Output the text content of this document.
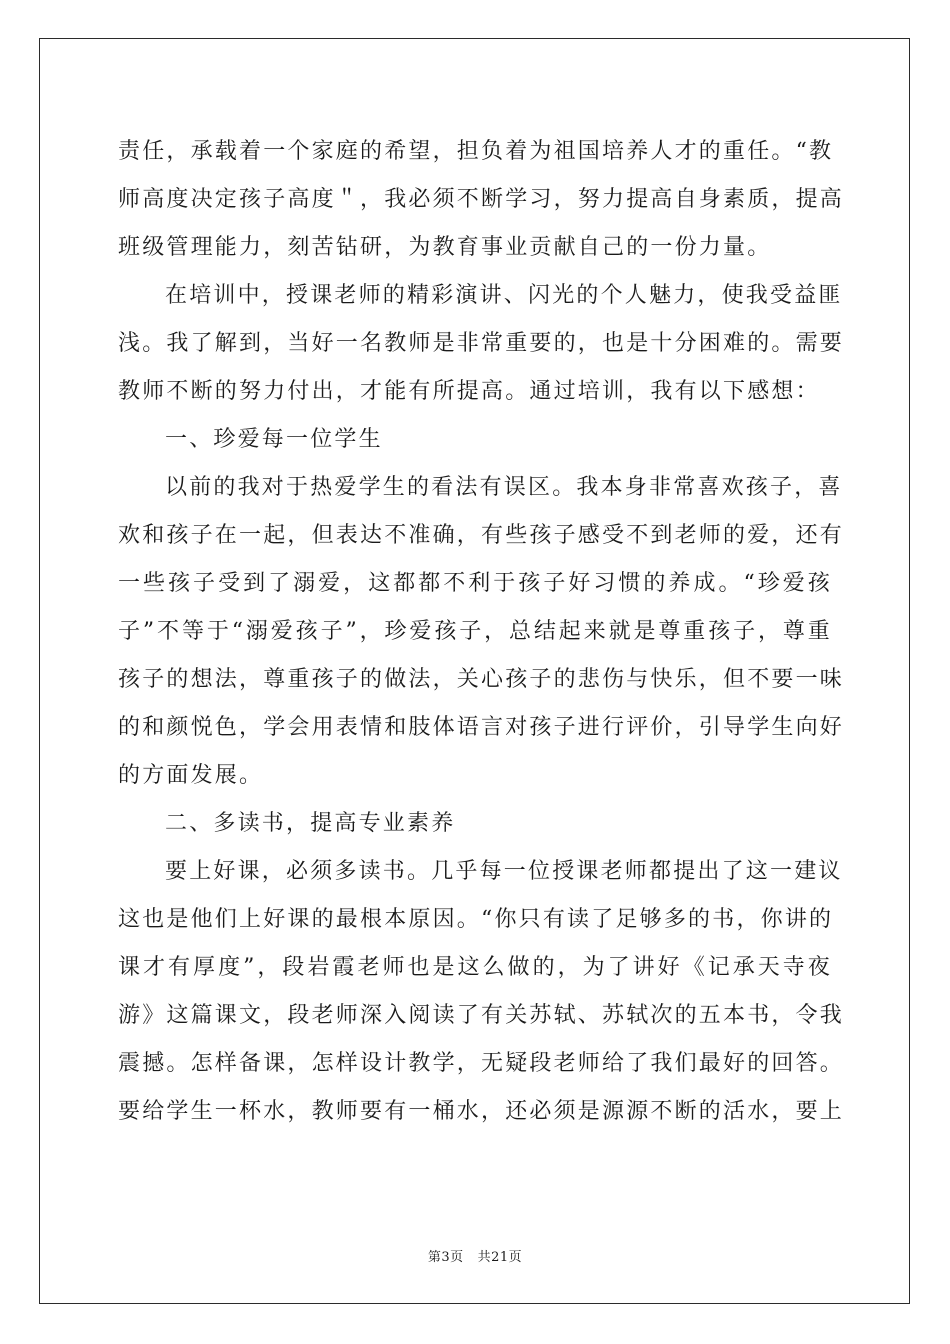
责任，承载着一个家庭的希望，担负着为祖国培养人才的重任。“教
师高度决定孩子高度＂，我必须不断学习，努力提高自身素质，提高
班级管理能力，刻苦钻研，为教育事业贡献自己的一份力量。
在培训中，授课老师的精彩演讲、闪光的个人魅力，使我受益匪
浅。我了解到，当好一名教师是非常重要的，也是十分困难的。需要
教师不断的努力付出，才能有所提高。通过培训，我有以下感想：
一、珍爱每一位学生
以前的我对于热爱学生的看法有误区。我本身非常喜欢孩子，喜
欢和孩子在一起，但表达不准确，有些孩子感受不到老师的爱，还有
一些孩子受到了溺爱，这都都不利于孩子好习惯的养成。“珍爱孩
子”不等于“溺爱孩子”，珍爱孩子，总结起来就是尊重孩子，尊重
孩子的想法，尊重孩子的做法，关心孩子的悲伤与快乐，但不要一味
的和颜悦色，学会用表情和肢体语言对孩子进行评价，引导学生向好
的方面发展。
二、多读书，提高专业素养
要上好课，必须多读书。几乎每一位授课老师都提出了这一建议
这也是他们上好课的最根本原因。“你只有读了足够多的书，你讲的
课才有厚度”，段岩霞老师也是这么做的，为了讲好《记承天寺夜
游》这篇课文，段老师深入阅读了有关苏轼、苏轼次的五本书，令我
震撼。怎样备课，怎样设计教学，无疑段老师给了我们最好的回答。
要给学生一杯水，教师要有一桶水，还必须是源源不断的活水，要上
第3页 共21页
